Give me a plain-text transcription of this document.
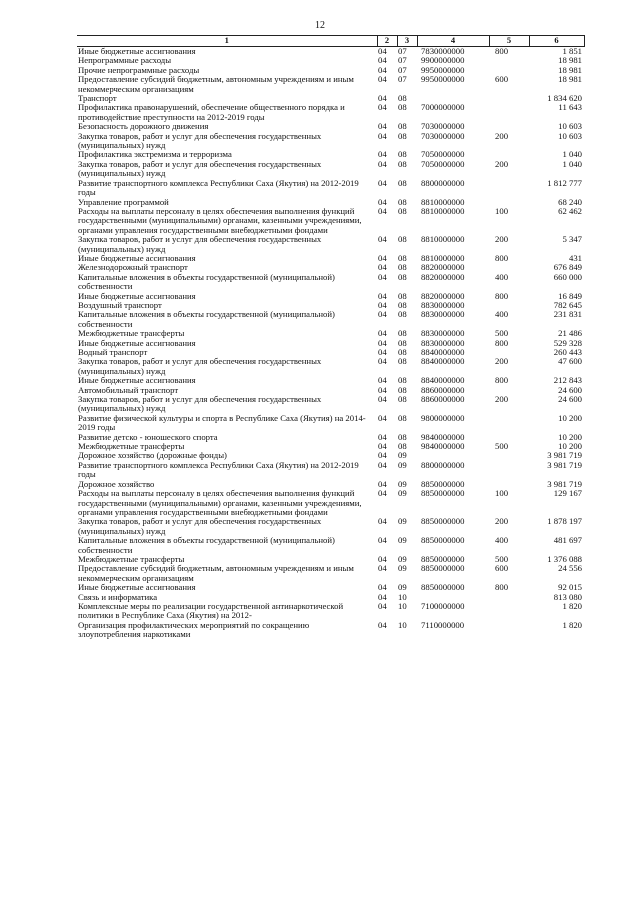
12
1	2	3	4	5	6
Иные бюджетные ассигнования	04	07	7830000000	800	1 851
Непрограммные расходы	04	07	9900000000		18 981
Прочие непрограммные расходы	04	07	9950000000		18 981
Предоставление субсидий бюджетным, автономным учреждениям и иным некоммерческим организациям	04	07	9950000000	600	18 981
Транспорт	04	08			1 834 620
Профилактика правонарушений, обеспечение общественного порядка и противодействие преступности на 2012-2019 годы	04	08	7000000000		11 643
Безопасность дорожного движения	04	08	7030000000		10 603
Закупка товаров, работ и услуг для обеспечения государственных (муниципальных) нужд	04	08	7030000000	200	10 603
Профилактика экстремизма и терроризма	04	08	7050000000		1 040
Закупка товаров, работ и услуг для обеспечения государственных (муниципальных) нужд	04	08	7050000000	200	1 040
Развитие транспортного комплекса Республики Саха (Якутия) на 2012-2019 годы	04	08	8800000000		1 812 777
Управление программой	04	08	8810000000		68 240
Расходы на выплаты персоналу в целях обеспечения выполнения функций государственными (муниципальными) органами, казенными учреждениями, органами управления государственными внебюджетными фондами	04	08	8810000000	100	62 462
Закупка товаров, работ и услуг для обеспечения государственных (муниципальных) нужд	04	08	8810000000	200	5 347
Иные бюджетные ассигнования	04	08	8810000000	800	431
Железнодорожный транспорт	04	08	8820000000		676 849
Капитальные вложения в объекты государственной (муниципальной) собственности	04	08	8820000000	400	660 000
Иные бюджетные ассигнования	04	08	8820000000	800	16 849
Воздушный транспорт	04	08	8830000000		782 645
Капитальные вложения в объекты государственной (муниципальной) собственности	04	08	8830000000	400	231 831
Межбюджетные трансферты	04	08	8830000000	500	21 486
Иные бюджетные ассигнования	04	08	8830000000	800	529 328
Водный транспорт	04	08	8840000000		260 443
Закупка товаров, работ и услуг для обеспечения государственных (муниципальных) нужд	04	08	8840000000	200	47 600
Иные бюджетные ассигнования	04	08	8840000000	800	212 843
Автомобильный транспорт	04	08	8860000000		24 600
Закупка товаров, работ и услуг для обеспечения государственных (муниципальных) нужд	04	08	8860000000	200	24 600
Развитие физической культуры и спорта в Республике Саха (Якутия) на 2014-2019 годы	04	08	9800000000		10 200
Развитие детско - юношеского спорта	04	08	9840000000		10 200
Межбюджетные трансферты	04	08	9840000000	500	10 200
Дорожное хозяйство (дорожные фонды)	04	09			3 981 719
Развитие транспортного комплекса Республики Саха (Якутия) на 2012-2019 годы	04	09	8800000000		3 981 719
Дорожное хозяйство	04	09	8850000000		3 981 719
Расходы на выплаты персоналу в целях обеспечения выполнения функций государственными (муниципальными) органами, казенными учреждениями, органами управления государственными внебюджетными фондами	04	09	8850000000	100	129 167
Закупка товаров, работ и услуг для обеспечения государственных (муниципальных) нужд	04	09	8850000000	200	1 878 197
Капитальные вложения в объекты государственной (муниципальной) собственности	04	09	8850000000	400	481 697
Межбюджетные трансферты	04	09	8850000000	500	1 376 088
Предоставление субсидий бюджетным, автономным учреждениям и иным некоммерческим организациям	04	09	8850000000	600	24 556
Иные бюджетные ассигнования	04	09	8850000000	800	92 015
Связь и информатика	04	10			813 080
Комплексные меры по реализации государственной антинаркотической политики в Республике Саха (Якутия) на 2012-	04	10	7100000000		1 820
Организация профилактических мероприятий по сокращению злоупотребления наркотиками	04	10	7110000000		1 820
